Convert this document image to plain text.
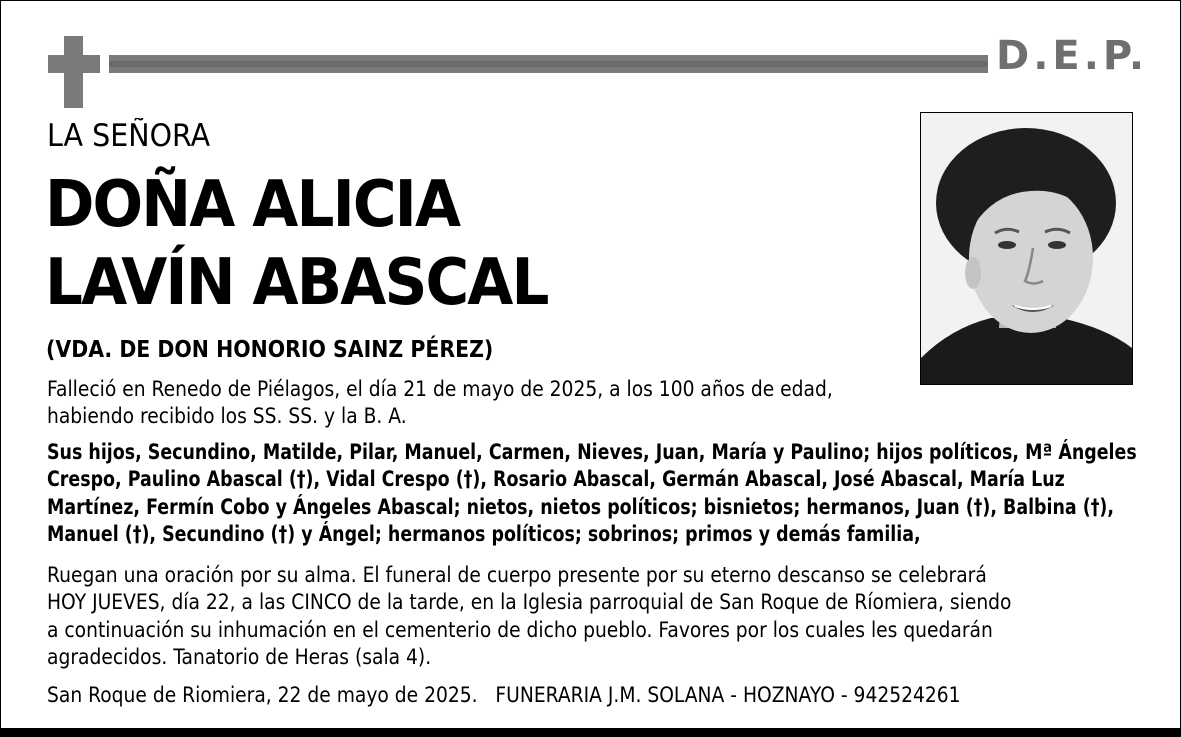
D.E.P.
LA SEÑORA
DOÑA ALICIA
LAVÍN ABASCAL
(VDA. DE DON HONORIO SAINZ PÉREZ)
Falleció en Renedo de Piélagos, el día 21 de mayo de 2025, a los 100 años de edad,
habiendo recibido los SS. SS. y la B. A.
Sus hijos, Secundino, Matilde, Pilar, Manuel, Carmen, Nieves, Juan, María y Paulino; hijos políticos, Mª Ángeles
Crespo, Paulino Abascal (†), Vidal Crespo (†), Rosario Abascal, Germán Abascal, José Abascal, María Luz
Martínez, Fermín Cobo y Ángeles Abascal; nietos, nietos políticos; bisnietos; hermanos, Juan (†), Balbina (†),
Manuel (†), Secundino (†) y Ángel; hermanos políticos; sobrinos; primos y demás familia,
Ruegan una oración por su alma. El funeral de cuerpo presente por su eterno descanso se celebrará
HOY JUEVES, día 22, a las CINCO de la tarde, en la Iglesia parroquial de San Roque de Ríomiera, siendo
a continuación su inhumación en el cementerio de dicho pueblo. Favores por los cuales les quedarán
agradecidos. Tanatorio de Heras (sala 4).
San Roque de Riomiera, 22 de mayo de 2025.   FUNERARIA J.M. SOLANA - HOZNAYO - 942524261
